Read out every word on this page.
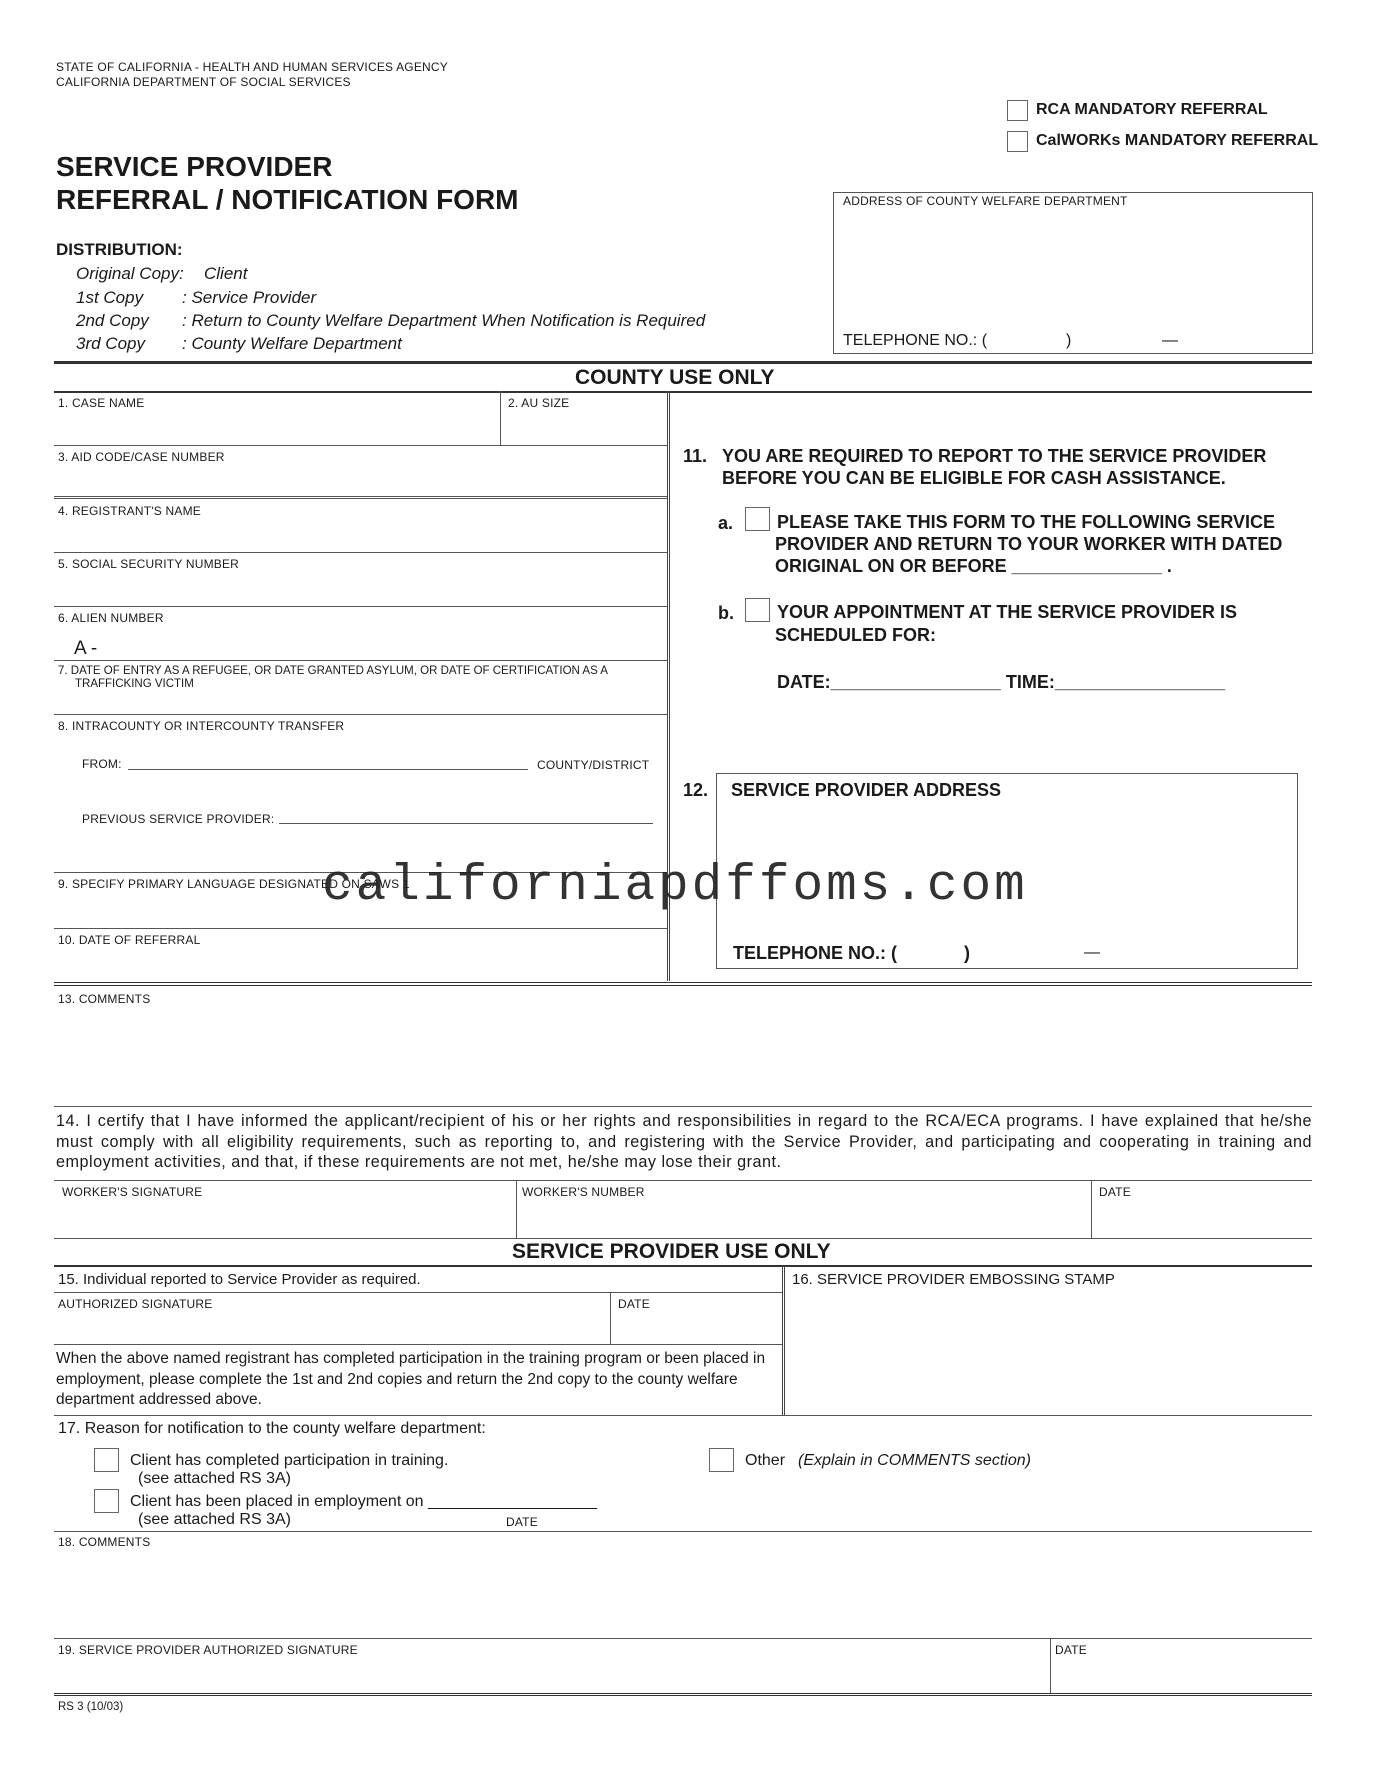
STATE OF CALIFORNIA - HEALTH AND HUMAN SERVICES AGENCY
CALIFORNIA DEPARTMENT OF SOCIAL SERVICES
RCA MANDATORY REFERRAL
CalWORKs MANDATORY REFERRAL
SERVICE PROVIDER
REFERRAL / NOTIFICATION FORM
DISTRIBUTION:
Original Copy: Client
1st Copy : Service Provider
2nd Copy : Return to County Welfare Department When Notification is Required
3rd Copy : County Welfare Department
ADDRESS OF COUNTY WELFARE DEPARTMENT
TELEPHONE NO.: (	)	—
COUNTY USE ONLY
1. CASE NAME	2. AU SIZE
3. AID CODE/CASE NUMBER
4. REGISTRANT'S NAME
5. SOCIAL SECURITY NUMBER
6. ALIEN NUMBER
A -
7. DATE OF ENTRY AS A REFUGEE, OR DATE GRANTED ASYLUM, OR DATE OF CERTIFICATION AS A
TRAFFICKING VICTIM
8. INTRACOUNTY OR INTERCOUNTY TRANSFER
FROM:	COUNTY/DISTRICT
PREVIOUS SERVICE PROVIDER:
9. SPECIFY PRIMARY LANGUAGE DESIGNATED ON SAWS 1
10. DATE OF REFERRAL
11. YOU ARE REQUIRED TO REPORT TO THE SERVICE PROVIDER
BEFORE YOU CAN BE ELIGIBLE FOR CASH ASSISTANCE.
a. PLEASE TAKE THIS FORM TO THE FOLLOWING SERVICE
PROVIDER AND RETURN TO YOUR WORKER WITH DATED
ORIGINAL ON OR BEFORE _______________ .
b. YOUR APPOINTMENT AT THE SERVICE PROVIDER IS
SCHEDULED FOR:
DATE:_________________ TIME:_________________
12. SERVICE PROVIDER ADDRESS
TELEPHONE NO.: (	)	—
californiapdffoms.com
13. COMMENTS
14. I certify that I have informed the applicant/recipient of his or her rights and responsibilities in regard to the RCA/ECA programs. I have explained that he/she must comply with all eligibility requirements, such as reporting to, and registering with the Service Provider, and participating and cooperating in training and employment activities, and that, if these requirements are not met, he/she may lose their grant.
WORKER'S SIGNATURE	WORKER'S NUMBER	DATE
SERVICE PROVIDER USE ONLY
15. Individual reported to Service Provider as required.	16. SERVICE PROVIDER EMBOSSING STAMP
AUTHORIZED SIGNATURE	DATE
When the above named registrant has completed participation in the training program or been placed in employment, please complete the 1st and 2nd copies and return the 2nd copy to the county welfare department addressed above.
17. Reason for notification to the county welfare department:
Client has completed participation in training.
(see attached RS 3A)
Client has been placed in employment on ___________________
(see attached RS 3A)	DATE
Other (Explain in COMMENTS section)
18. COMMENTS
19. SERVICE PROVIDER AUTHORIZED SIGNATURE	DATE
RS 3 (10/03)
